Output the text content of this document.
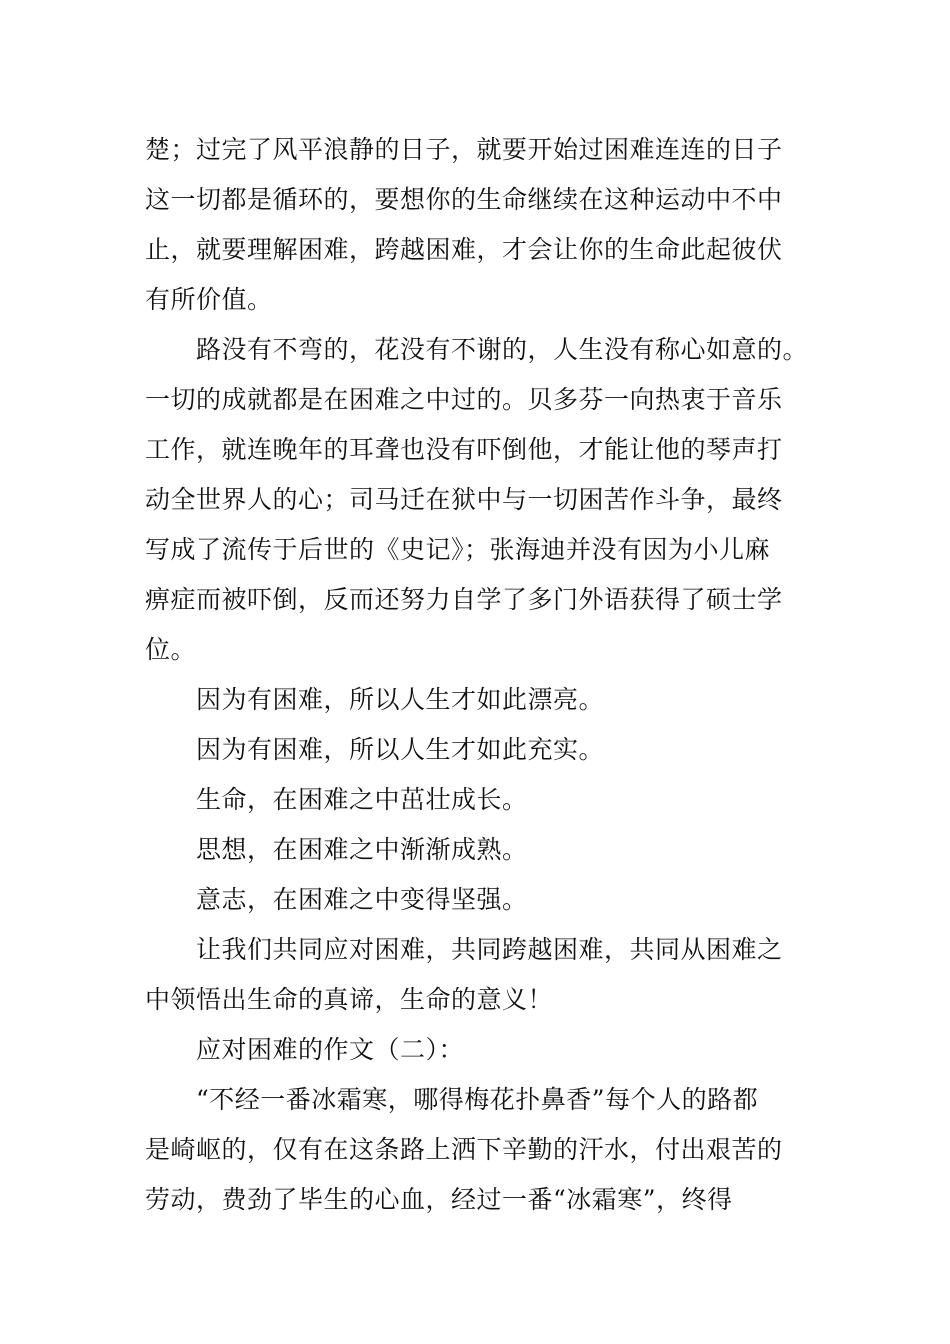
楚；过完了风平浪静的日子，就要开始过困难连连的日子
这一切都是循环的，要想你的生命继续在这种运动中不中
止，就要理解困难，跨越困难，才会让你的生命此起彼伏
有所价值。
路没有不弯的，花没有不谢的，人生没有称心如意的。
一切的成就都是在困难之中过的。贝多芬一向热衷于音乐
工作，就连晚年的耳聋也没有吓倒他，才能让他的琴声打
动全世界人的心；司马迁在狱中与一切困苦作斗争，最终
写成了流传于后世的《史记》；张海迪并没有因为小儿麻
痹症而被吓倒，反而还努力自学了多门外语获得了硕士学
位。
因为有困难，所以人生才如此漂亮。
因为有困难，所以人生才如此充实。
生命，在困难之中茁壮成长。
思想，在困难之中渐渐成熟。
意志，在困难之中变得坚强。
让我们共同应对困难，共同跨越困难，共同从困难之
中领悟出生命的真谛，生命的意义！
应对困难的作文（二）：
“不经一番冰霜寒，哪得梅花扑鼻香”每个人的路都
是崎岖的，仅有在这条路上洒下辛勤的汗水，付出艰苦的
劳动，费劲了毕生的心血，经过一番“冰霜寒”，终得
